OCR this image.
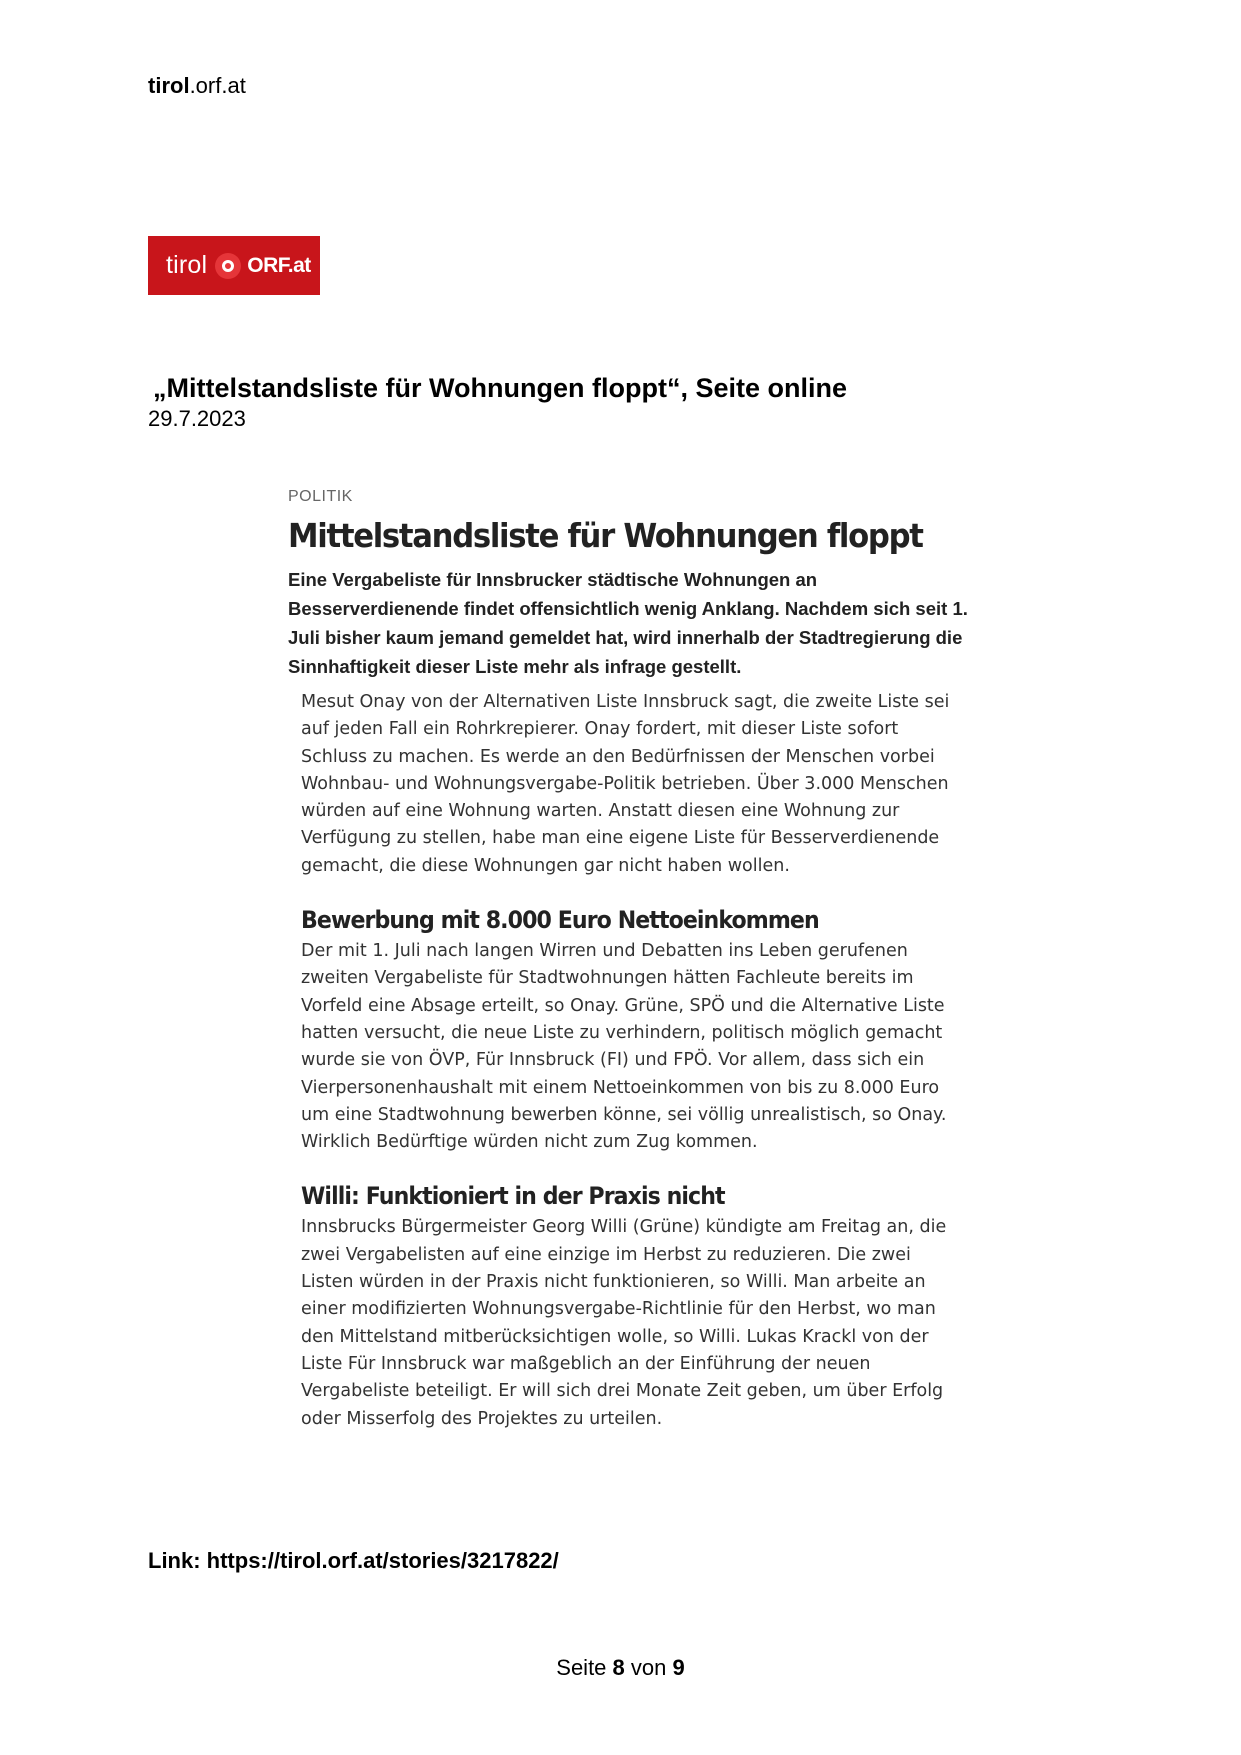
tirol.orf.at
tirol ORF.at
„Mittelstandsliste für Wohnungen floppt“, Seite online
29.7.2023
POLITIK
Mittelstandsliste für Wohnungen floppt
Eine Vergabeliste für Innsbrucker städtische Wohnungen an Besserverdienende findet offensichtlich wenig Anklang. Nachdem sich seit 1. Juli bisher kaum jemand gemeldet hat, wird innerhalb der Stadtregierung die Sinnhaftigkeit dieser Liste mehr als infrage gestellt.
Mesut Onay von der Alternativen Liste Innsbruck sagt, die zweite Liste sei auf jeden Fall ein Rohrkrepierer. Onay fordert, mit dieser Liste sofort Schluss zu machen. Es werde an den Bedürfnissen der Menschen vorbei Wohnbau- und Wohnungsvergabe-Politik betrieben. Über 3.000 Menschen würden auf eine Wohnung warten. Anstatt diesen eine Wohnung zur Verfügung zu stellen, habe man eine eigene Liste für Besserverdienende gemacht, die diese Wohnungen gar nicht haben wollen.
Bewerbung mit 8.000 Euro Nettoeinkommen
Der mit 1. Juli nach langen Wirren und Debatten ins Leben gerufenen zweiten Vergabeliste für Stadtwohnungen hätten Fachleute bereits im Vorfeld eine Absage erteilt, so Onay. Grüne, SPÖ und die Alternative Liste hatten versucht, die neue Liste zu verhindern, politisch möglich gemacht wurde sie von ÖVP, Für Innsbruck (FI) und FPÖ. Vor allem, dass sich ein Vierpersonenhaushalt mit einem Nettoeinkommen von bis zu 8.000 Euro um eine Stadtwohnung bewerben könne, sei völlig unrealistisch, so Onay. Wirklich Bedürftige würden nicht zum Zug kommen.
Willi: Funktioniert in der Praxis nicht
Innsbrucks Bürgermeister Georg Willi (Grüne) kündigte am Freitag an, die zwei Vergabelisten auf eine einzige im Herbst zu reduzieren. Die zwei Listen würden in der Praxis nicht funktionieren, so Willi. Man arbeite an einer modifizierten Wohnungsvergabe-Richtlinie für den Herbst, wo man den Mittelstand mitberücksichtigen wolle, so Willi. Lukas Krackl von der Liste Für Innsbruck war maßgeblich an der Einführung der neuen Vergabeliste beteiligt. Er will sich drei Monate Zeit geben, um über Erfolg oder Misserfolg des Projektes zu urteilen.
Link: https://tirol.orf.at/stories/3217822/
Seite 8 von 9
